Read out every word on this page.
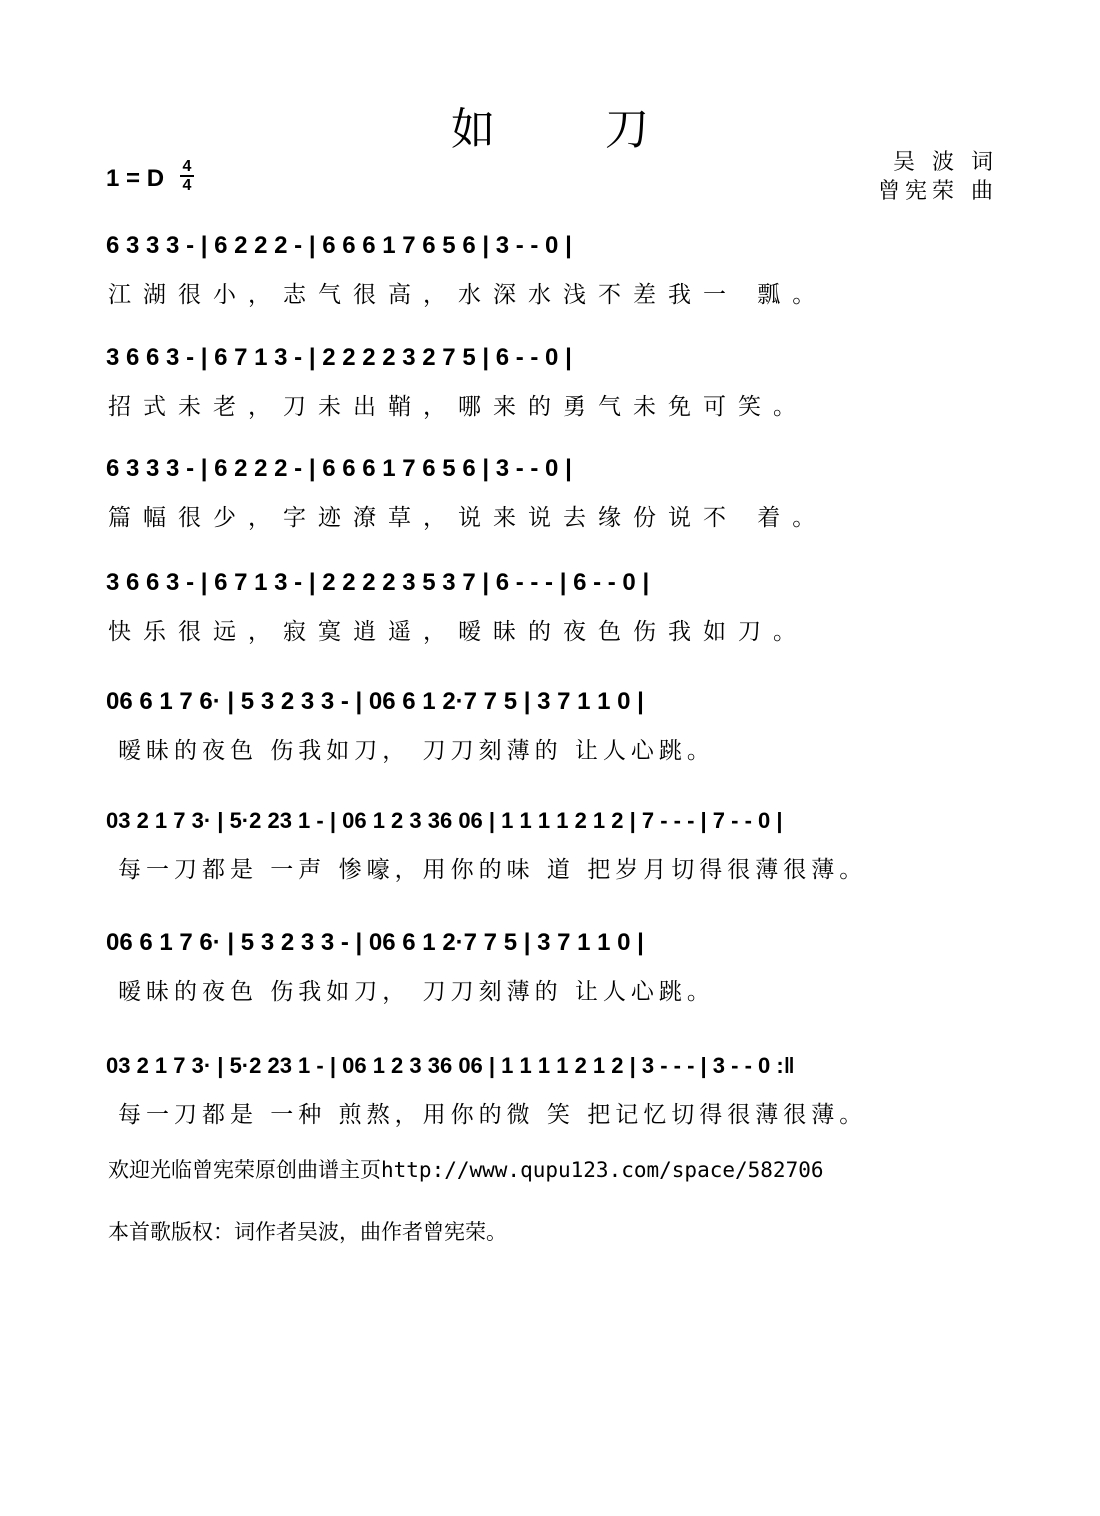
如 刀
1 = D	4
4
吴 波 词
曾宪荣 曲
6 3 3 3 - | 6 2 2 2 - | 6 6 6 1 7 6 5 6 | 3 - - 0 |
江湖很小，志气很高，水深水浅不差我一 瓢。
3 6 6 3 - | 6 7 1 3 - | 2 2 2 2 3 2 7 5 | 6 - - 0 |
招式未老，刀未出鞘，哪来的勇气未免可笑。
6 3 3 3 - | 6 2 2 2 - | 6 6 6 1 7 6 5 6 | 3 - - 0 |
篇幅很少，字迹潦草，说来说去缘份说不 着。
3 6 6 3 - | 6 7 1 3 - | 2 2 2 2 3 5 3 7 | 6 - - - | 6 - - 0 |
快乐很远，寂寞逍遥，暧昧的夜色伤我如刀。
06 6 1 7 6· | 5 3 2 3 3 - | 06 6 1 2·7 7 5 | 3 7 1 1 0 |
暧昧的夜色 伤我如刀， 刀刀刻薄的 让人心跳。
03 2 1 7 3· | 5·2 23 1 - | 06 1 2 3 36 06 | 1 1 1 1 2 1 2 | 7 - - - | 7 - - 0 |
每一刀都是 一声 惨嚎，用你的味 道 把岁月切得很薄很薄。
06 6 1 7 6· | 5 3 2 3 3 - | 06 6 1 2·7 7 5 | 3 7 1 1 0 |
暧昧的夜色 伤我如刀， 刀刀刻薄的 让人心跳。
03 2 1 7 3· | 5·2 23 1 - | 06 1 2 3 36 06 | 1 1 1 1 2 1 2 | 3 - - - | 3 - - 0 :‖
每一刀都是 一种 煎熬，用你的微 笑 把记忆切得很薄很薄。
欢迎光临曾宪荣原创曲谱主页http://www.qupu123.com/space/582706
本首歌版权：词作者吴波，曲作者曾宪荣。
